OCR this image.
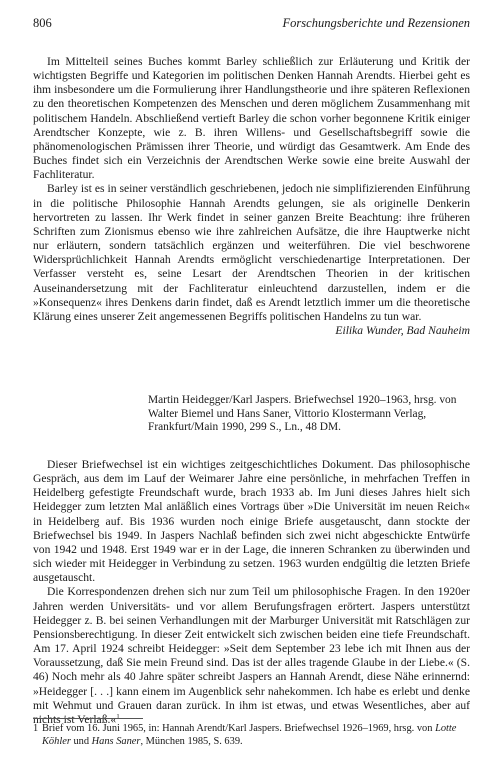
806	Forschungsberichte und Rezensionen

Im Mittelteil seines Buches kommt Barley schließlich zur Erläuterung und Kritik der wichtigsten Begriffe und Kategorien im politischen Denken Hannah Arendts. Hierbei geht es ihm insbesondere um die Formulierung ihrer Handlungstheorie und ihre späteren Reflexionen zu den theoretischen Kompetenzen des Menschen und deren möglichem Zusammenhang mit politischem Handeln. Abschließend vertieft Barley die schon vorher begonnene Kritik einiger Arendtscher Konzepte, wie z. B. ihren Willens- und Gesellschaftsbegriff sowie die phänomenologischen Prämissen ihrer Theorie, und würdigt das Gesamtwerk. Am Ende des Buches findet sich ein Verzeichnis der Arendtschen Werke sowie eine breite Auswahl der Fachliteratur.

Barley ist es in seiner verständlich geschriebenen, jedoch nie simplifizierenden Einführung in die politische Philosophie Hannah Arendts gelungen, sie als originelle Denkerin hervortreten zu lassen. Ihr Werk findet in seiner ganzen Breite Beachtung: ihre früheren Schriften zum Zionismus ebenso wie ihre zahlreichen Aufsätze, die ihre Hauptwerke nicht nur erläutern, sondern tatsächlich ergänzen und weiterführen. Die viel beschworene Widersprüchlichkeit Hannah Arendts ermöglicht verschiedenartige Interpretationen. Der Verfasser versteht es, seine Lesart der Arendtschen Theorien in der kritischen Auseinandersetzung mit der Fachliteratur einleuchtend darzustellen, indem er die »Konsequenz« ihres Denkens darin findet, daß es Arendt letztlich immer um die theoretische Klärung eines unserer Zeit angemessenen Begriffs politischen Handelns zu tun war.

Eilika Wunder, Bad Nauheim

Martin Heidegger/Karl Jaspers. Briefwechsel 1920–1963, hrsg. von Walter Biemel und Hans Saner, Vittorio Klostermann Verlag, Frankfurt/Main 1990, 299 S., Ln., 48 DM.

Dieser Briefwechsel ist ein wichtiges zeitgeschichtliches Dokument. Das philosophische Gespräch, aus dem im Lauf der Weimarer Jahre eine persönliche, in mehrfachen Treffen in Heidelberg gefestigte Freundschaft wurde, brach 1933 ab. Im Juni dieses Jahres hielt sich Heidegger zum letzten Mal anläßlich eines Vortrags über »Die Universität im neuen Reich« in Heidelberg auf. Bis 1936 wurden noch einige Briefe ausgetauscht, dann stockte der Briefwechsel bis 1949. In Jaspers Nachlaß befinden sich zwei nicht abgeschickte Entwürfe von 1942 und 1948. Erst 1949 war er in der Lage, die inneren Schranken zu überwinden und sich wieder mit Heidegger in Verbindung zu setzen. 1963 wurden endgültig die letzten Briefe ausgetauscht.

Die Korrespondenzen drehen sich nur zum Teil um philosophische Fragen. In den 1920er Jahren werden Universitäts- und vor allem Berufungsfragen erörtert. Jaspers unterstützt Heidegger z. B. bei seinen Verhandlungen mit der Marburger Universität mit Ratschlägen zur Pensionsberechtigung. In dieser Zeit entwickelt sich zwischen beiden eine tiefe Freundschaft. Am 17. April 1924 schreibt Heidegger: »Seit dem September 23 lebe ich mit Ihnen aus der Voraussetzung, daß Sie mein Freund sind. Das ist der alles tragende Glaube in der Liebe.« (S. 46) Noch mehr als 40 Jahre später schreibt Jaspers an Hannah Arendt, diese Nähe erinnernd: »Heidegger [. . .] kann einem im Augenblick sehr nahekommen. Ich habe es erlebt und denke mit Wehmut und Grauen daran zurück. In ihm ist etwas, und etwas Wesentliches, aber auf nichts ist Verlaß.«$^1$

1 Brief vom 16. Juni 1965, in: Hannah Arendt/Karl Jaspers. Briefwechsel 1926–1969, hrsg. von Lotte Köhler und Hans Saner, München 1985, S. 639.
